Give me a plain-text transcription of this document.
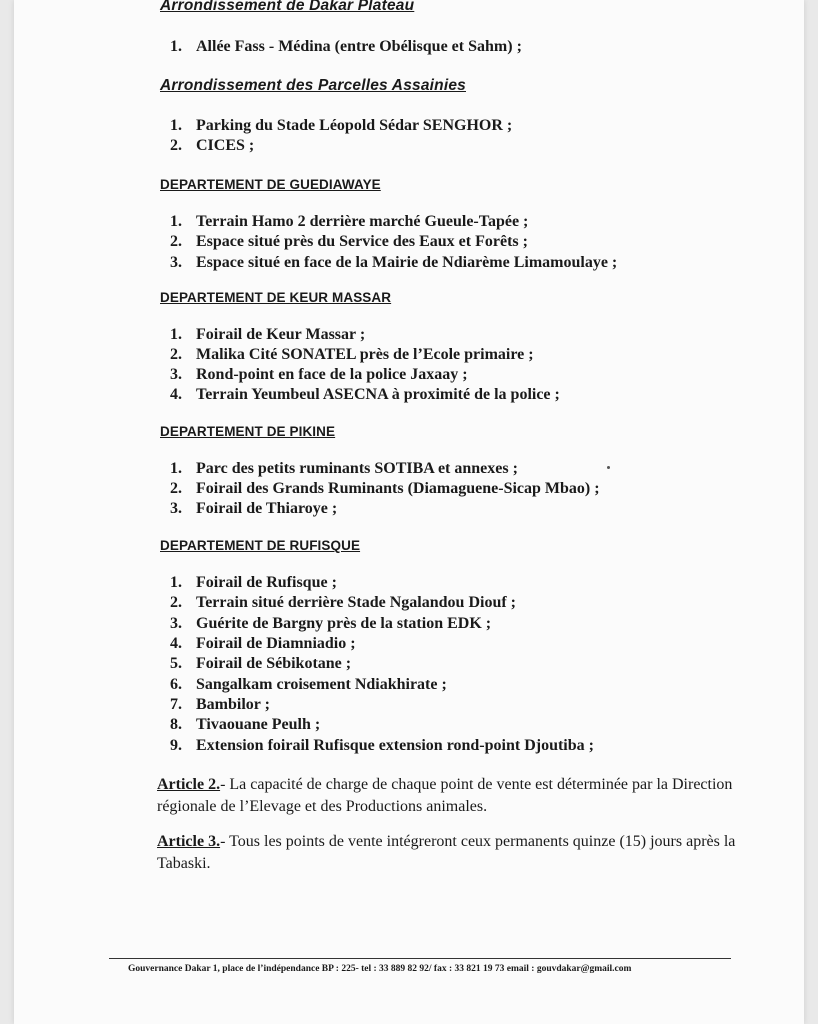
Arrondissement de Dakar Plateau
1. Allée Fass - Médina (entre Obélisque et Sahm) ;
Arrondissement des Parcelles Assainies
1. Parking du Stade Léopold Sédar SENGHOR ;
2. CICES ;
DEPARTEMENT DE GUEDIAWAYE
1. Terrain Hamo 2 derrière marché Gueule-Tapée ;
2. Espace situé près du Service des Eaux et Forêts ;
3. Espace situé en face de la Mairie de Ndiarème Limamoulaye ;
DEPARTEMENT DE KEUR MASSAR
1. Foirail de Keur Massar ;
2. Malika Cité SONATEL près de l’Ecole primaire ;
3. Rond-point en face de la police Jaxaay ;
4. Terrain Yeumbeul ASECNA à proximité de la police ;
DEPARTEMENT DE PIKINE
1. Parc des petits ruminants SOTIBA et annexes ;
2. Foirail des Grands Ruminants (Diamaguene-Sicap Mbao) ;
3. Foirail de Thiaroye ;
DEPARTEMENT DE RUFISQUE
1. Foirail de Rufisque ;
2. Terrain situé derrière Stade Ngalandou Diouf ;
3. Guérite de Bargny près de la station EDK ;
4. Foirail de Diamniadio ;
5. Foirail de Sébikotane ;
6. Sangalkam croisement Ndiakhirate ;
7. Bambilor ;
8. Tivaouane Peulh ;
9. Extension foirail Rufisque extension rond-point Djoutiba ;
Article 2.- La capacité de charge de chaque point de vente est déterminée par la Direction régionale de l’Elevage et des Productions animales.
Article 3.- Tous les points de vente intégreront ceux permanents quinze (15) jours après la Tabaski.
Gouvernance Dakar 1, place de l’indépendance BP : 225- tel : 33 889 82 92/ fax : 33 821 19 73 email : gouvdakar@gmail.com
